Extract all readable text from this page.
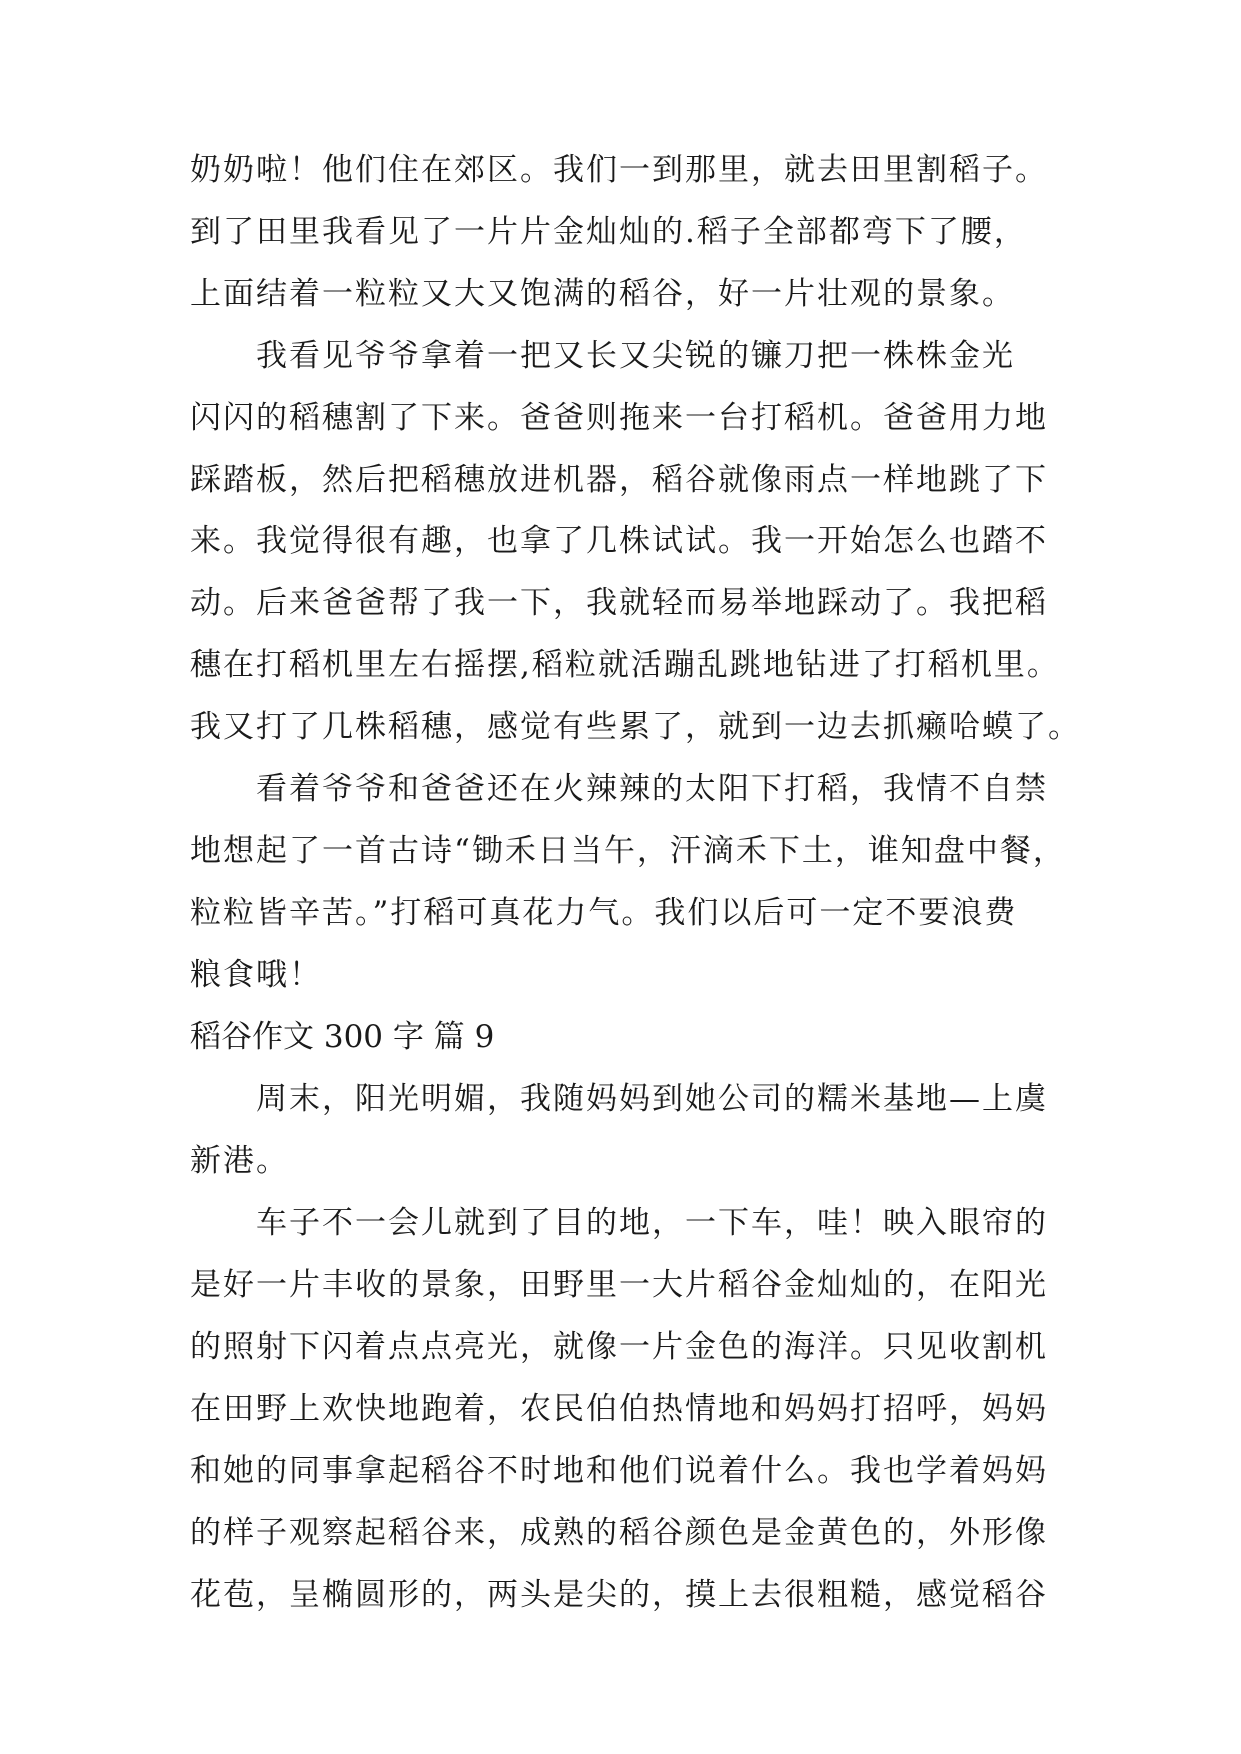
奶奶啦！他们住在郊区。我们一到那里，就去田里割稻子。
到了田里我看见了一片片金灿灿的.稻子全部都弯下了腰，
上面结着一粒粒又大又饱满的稻谷，好一片壮观的景象。
我看见爷爷拿着一把又长又尖锐的镰刀把一株株金光
闪闪的稻穗割了下来。爸爸则拖来一台打稻机。爸爸用力地
踩踏板，然后把稻穗放进机器，稻谷就像雨点一样地跳了下
来。我觉得很有趣，也拿了几株试试。我一开始怎么也踏不
动。后来爸爸帮了我一下，我就轻而易举地踩动了。我把稻
穗在打稻机里左右摇摆,稻粒就活蹦乱跳地钻进了打稻机里。
我又打了几株稻穗，感觉有些累了，就到一边去抓癞哈蟆了。
看着爷爷和爸爸还在火辣辣的太阳下打稻，我情不自禁
地想起了一首古诗“锄禾日当午，汗滴禾下土，谁知盘中餐，
粒粒皆辛苦。”打稻可真花力气。我们以后可一定不要浪费
粮食哦！
稻谷作文 300 字 篇 9
周末，阳光明媚，我随妈妈到她公司的糯米基地—上虞
新港。
车子不一会儿就到了目的地，一下车，哇！映入眼帘的
是好一片丰收的景象，田野里一大片稻谷金灿灿的，在阳光
的照射下闪着点点亮光，就像一片金色的海洋。只见收割机
在田野上欢快地跑着，农民伯伯热情地和妈妈打招呼，妈妈
和她的同事拿起稻谷不时地和他们说着什么。我也学着妈妈
的样子观察起稻谷来，成熟的稻谷颜色是金黄色的，外形像
花苞，呈椭圆形的，两头是尖的，摸上去很粗糙，感觉稻谷
